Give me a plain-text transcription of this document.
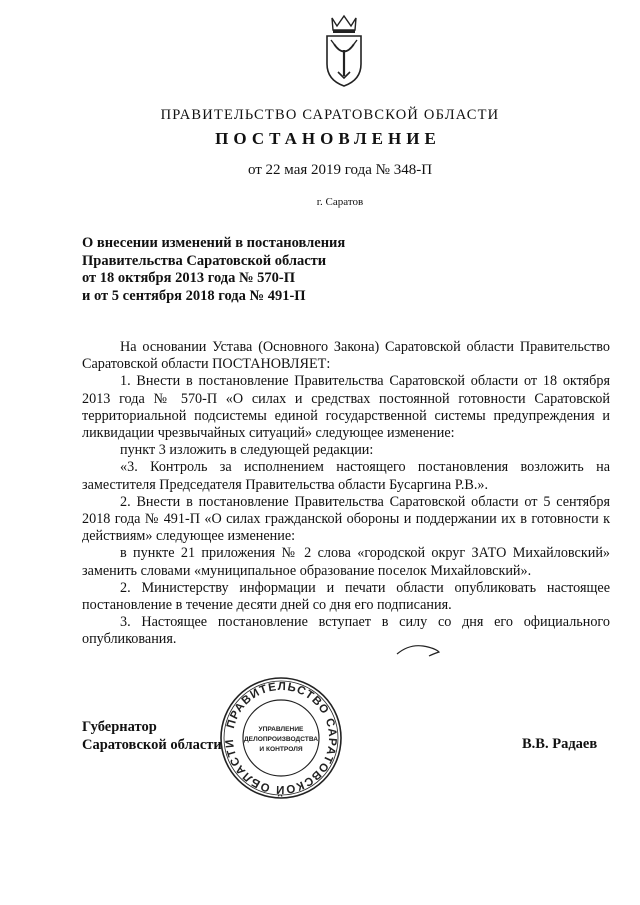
ПРАВИТЕЛЬСТВО САРАТОВСКОЙ ОБЛАСТИ
ПОСТАНОВЛЕНИЕ
от 22 мая 2019 года № 348-П
г. Саратов
О внесении изменений в постановления
Правительства Саратовской области
от 18 октября 2013 года № 570-П
и от 5 сентября 2018 года № 491-П

На основании Устава (Основного Закона) Саратовской области Правительство Саратовской области ПОСТАНОВЛЯЕТ:

1. Внести в постановление Правительства Саратовской области от 18 октября 2013 года № 570-П «О силах и средствах постоянной готовности Саратовской территориальной подсистемы единой государственной системы предупреждения и ликвидации чрезвычайных ситуаций» следующее изменение:

пункт 3 изложить в следующей редакции:

«3. Контроль за исполнением настоящего постановления возложить на заместителя Председателя Правительства области Бусаргина Р.В.».

2. Внести в постановление Правительства Саратовской области от 5 сентября 2018 года № 491-П «О силах гражданской обороны и поддержании их в готовности к действиям» следующее изменение:

в пункте 21 приложения № 2 слова «городской округ ЗАТО Михайловский» заменить словами «муниципальное образование поселок Михайловский».

2. Министерству информации и печати области опубликовать настоящее постановление в течение десяти дней со дня его подписания.

3. Настоящее постановление вступает в силу со дня его официального опубликования.

Губернатор
Саратовской области	В.В. Радаев
ПРАВИТЕЛЬСТВО САРАТОВСКОЙ ОБЛАСТИ
УПРАВЛЕНИЕ
ДЕЛОПРОИЗВОДСТВА
И КОНТРОЛЯ
